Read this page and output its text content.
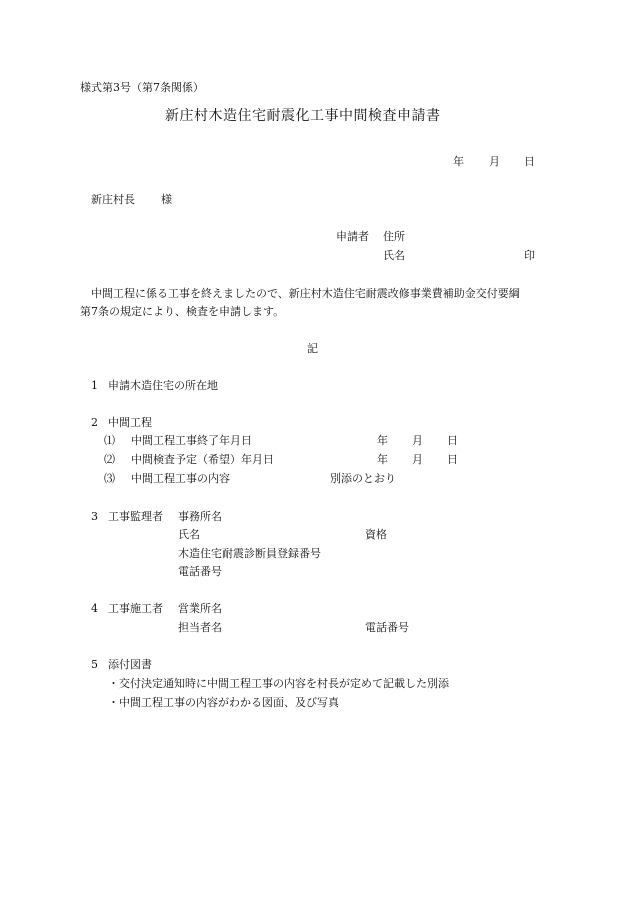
様式第3号（第7条関係）
新庄村木造住宅耐震化工事中間検査申請書
年 月 日
新庄村長 様
申請者 住所
氏名	印
中間工程に係る工事を終えましたので、新庄村木造住宅耐震改修事業費補助金交付要綱
第7条の規定により、検査を申請します。
記
1 申請木造住宅の所在地
2 中間工程
⑴ 中間工程工事終了年月日	年 月 日
⑵ 中間検査予定（希望）年月日	年 月 日
⑶ 中間工程工事の内容	別添のとおり
3 工事監理者 事務所名
氏名	資格
木造住宅耐震診断員登録番号
電話番号
4 工事施工者 営業所名
担当者名	電話番号
5 添付図書
・交付決定通知時に中間工程工事の内容を村長が定めて記載した別添
・中間工程工事の内容がわかる図面、及び写真
